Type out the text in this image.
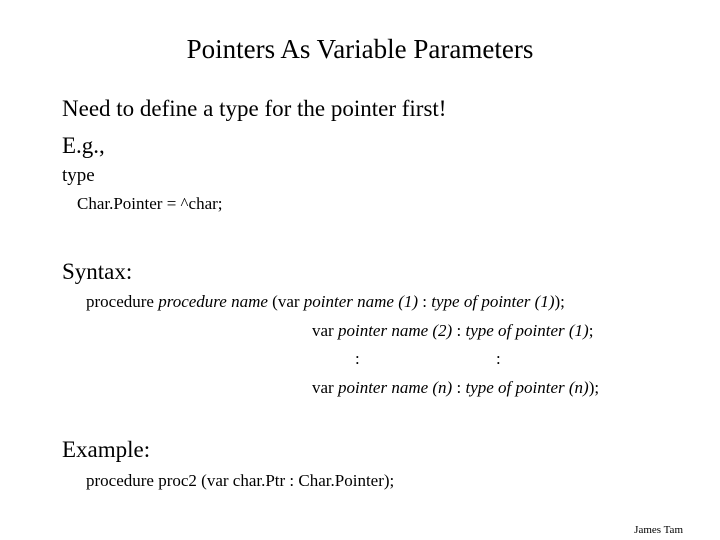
Pointers As Variable Parameters
Need to define a type for the pointer first!
E.g.,
type
Char.Pointer = ^char;
Syntax:
procedure procedure name (var pointer name (1) : type of pointer (1));
var pointer name (2) : type of pointer (1);
:	:
var pointer name (n) : type of pointer (n));
Example:
procedure proc2 (var char.Ptr : Char.Pointer);
James Tam
